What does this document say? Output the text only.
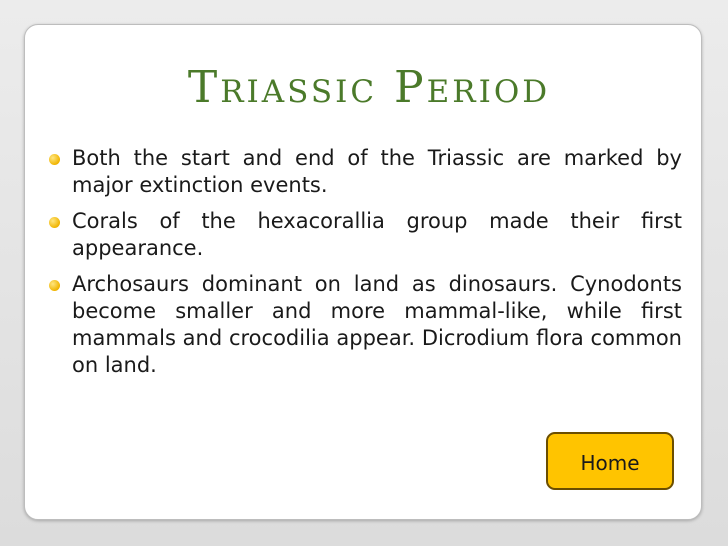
Triassic Period
Both the start and end of the Triassic are marked by major extinction events.
Corals of the hexacorallia group made their first appearance.
Archosaurs dominant on land as dinosaurs. Cynodonts become smaller and more mammal-like, while first mammals and crocodilia appear. Dicrodium flora common on land.
Home
